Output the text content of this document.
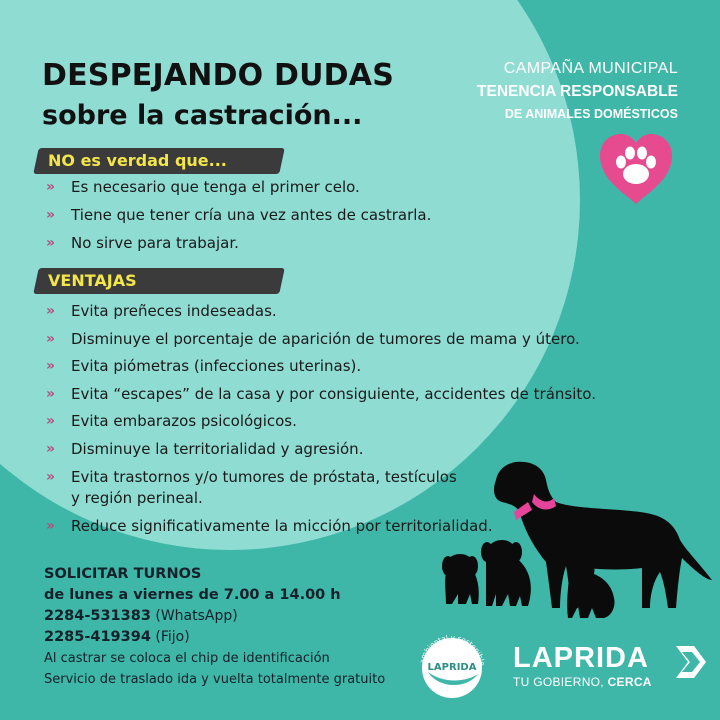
DESPEJANDO DUDAS
sobre la castración...
NO es verdad que...
» Es necesario que tenga el primer celo.
» Tiene que tener cría una vez antes de castrarla.
» No sirve para trabajar.
VENTAJAS
» Evita preñeces indeseadas.
» Disminuye el porcentaje de aparición de tumores de mama y útero.
» Evita piómetras (infecciones uterinas).
» Evita “escapes” de la casa y por consiguiente, accidentes de tránsito.
» Evita embarazos psicológicos.
» Disminuye la territorialidad y agresión.
» Evita trastornos y/o tumores de próstata, testículos
y región perineal.
» Reduce significativamente la micción por territorialidad.
CAMPAÑA MUNICIPAL
TENENCIA RESPONSABLE
DE ANIMALES DOMÉSTICOS
SOLICITAR TURNOS
de lunes a viernes de 7.00 a 14.00 h
2284-531383 (WhatsApp)
2285-419394 (Fijo)
Al castrar se coloca el chip de identificación
Servicio de traslado ida y vuelta totalmente gratuito
ambiental y sostenible
LAPRIDA LAPRIDA
TU GOBIERNO, CERCA
